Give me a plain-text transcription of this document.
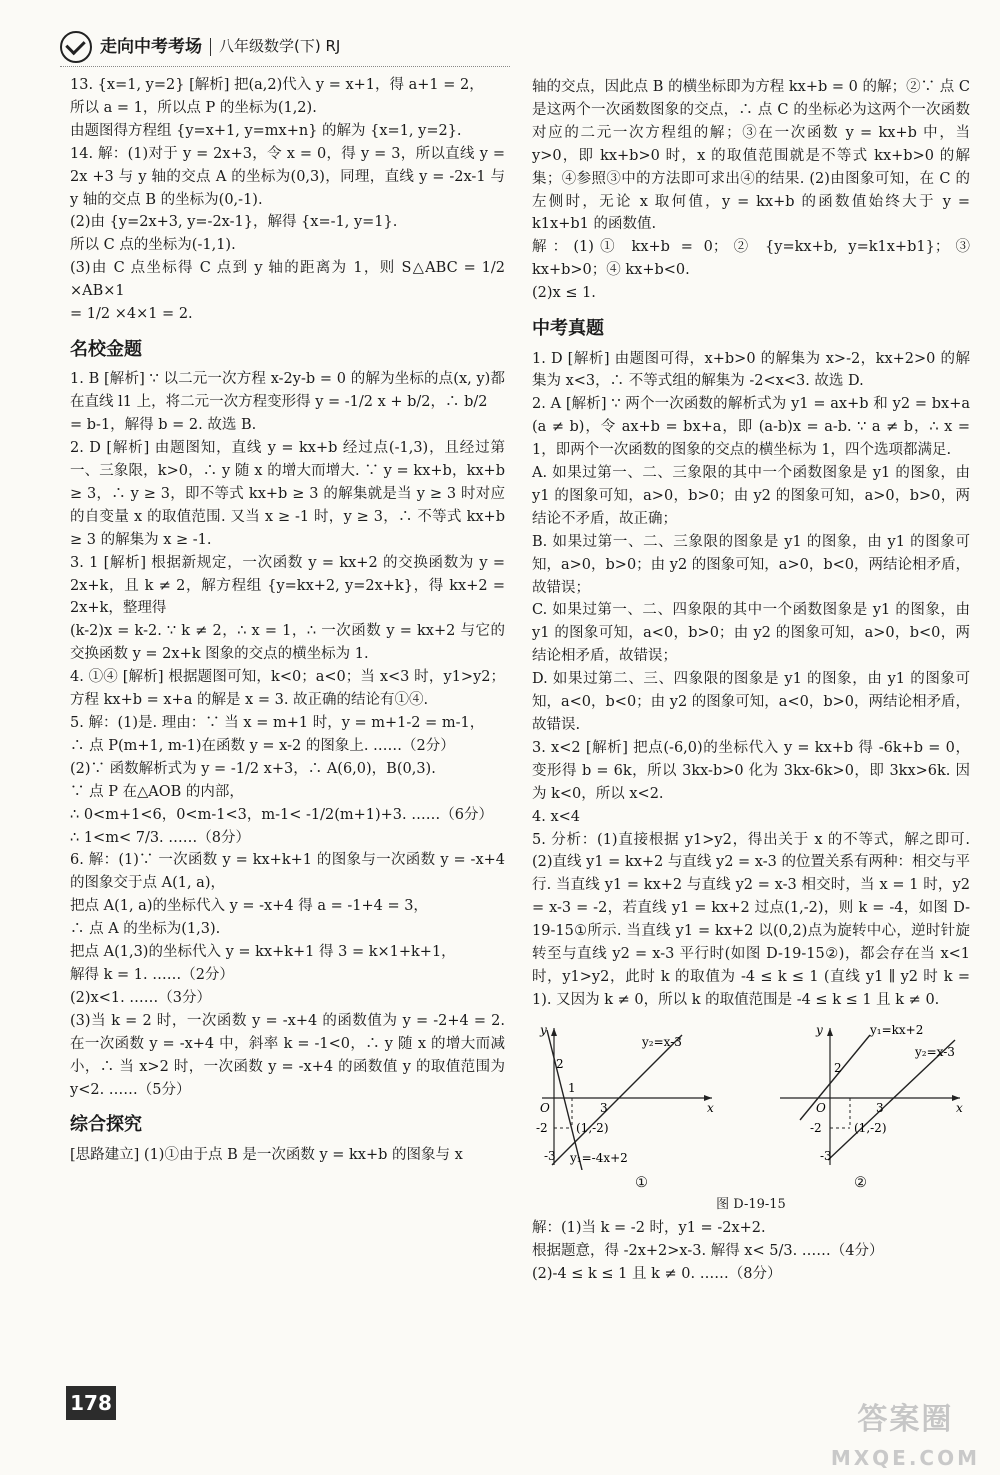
走向中考考场 八年级数学(下) RJ

13. {x=1, y=2} [解析] 把(a,2)代入 y = x+1，得 a+1 = 2，

所以 a = 1，所以点 P 的坐标为(1,2).

由题图得方程组 {y=x+1, y=mx+n} 的解为 {x=1, y=2}.

14. 解：(1)对于 y = 2x+3，令 x = 0，得 y = 3，所以直线 y = 2x +3 与 y 轴的交点 A 的坐标为(0,3)，同理，直线 y = -2x-1 与 y 轴的交点 B 的坐标为(0,-1).

(2)由 {y=2x+3, y=-2x-1}，解得 {x=-1, y=1}.

所以 C 点的坐标为(-1,1).

(3)由 C 点坐标得 C 点到 y 轴的距离为 1，则 S△ABC = 1/2 ×AB×1

= 1/2 ×4×1 = 2.

名校金题

1. B [解析] ∵ 以二元一次方程 x-2y-b = 0 的解为坐标的点(x, y)都在直线 l1 上，将二元一次方程变形得 y = -1/2 x + b/2，∴ b/2

= b-1，解得 b = 2. 故选 B.

2. D [解析] 由题图知，直线 y = kx+b 经过点(-1,3)，且经过第一、三象限，k>0，∴ y 随 x 的增大而增大. ∵ y = kx+b，kx+b ≥ 3，∴ y ≥ 3，即不等式 kx+b ≥ 3 的解集就是当 y ≥ 3 时对应的自变量 x 的取值范围. 又当 x ≥ -1 时，y ≥ 3，∴ 不等式 kx+b ≥ 3 的解集为 x ≥ -1.

3. 1 [解析] 根据新规定，一次函数 y = kx+2 的交换函数为 y = 2x+k，且 k ≠ 2，解方程组 {y=kx+2, y=2x+k}，得 kx+2 = 2x+k，整理得

(k-2)x = k-2. ∵ k ≠ 2，∴ x = 1，∴ 一次函数 y = kx+2 与它的交换函数 y = 2x+k 图象的交点的横坐标为 1.

4. ①④ [解析] 根据题图可知，k<0；a<0；当 x<3 时，y1>y2；方程 kx+b = x+a 的解是 x = 3. 故正确的结论有①④.

5. 解：(1)是. 理由：∵ 当 x = m+1 时，y = m+1-2 = m-1，

∴ 点 P(m+1, m-1)在函数 y = x-2 的图象上. ……（2分）

(2)∵ 函数解析式为 y = -1/2 x+3，∴ A(6,0)，B(0,3).

∵ 点 P 在△AOB 的内部，

∴ 0<m+1<6，0<m-1<3，m-1< -1/2(m+1)+3. ……（6分）

∴ 1<m< 7/3. ……（8分）

6. 解：(1)∵ 一次函数 y = kx+k+1 的图象与一次函数 y = -x+4 的图象交于点 A(1, a)，

把点 A(1, a)的坐标代入 y = -x+4 得 a = -1+4 = 3，

∴ 点 A 的坐标为(1,3).

把点 A(1,3)的坐标代入 y = kx+k+1 得 3 = k×1+k+1，

解得 k = 1. ……（2分）

(2)x<1. ……（3分）

(3)当 k = 2 时，一次函数 y = -x+4 的函数值为 y = -2+4 = 2. 在一次函数 y = -x+4 中，斜率 k = -1<0，∴ y 随 x 的增大而减小，∴ 当 x>2 时，一次函数 y = -x+4 的函数值 y 的取值范围为 y<2. ……（5分）

综合探究

[思路建立] (1)①由于点 B 是一次函数 y = kx+b 的图象与 x

轴的交点，因此点 B 的横坐标即为方程 kx+b = 0 的解；②∵ 点 C 是这两个一次函数图象的交点，∴ 点 C 的坐标必为这两个一次函数对应的二元一次方程组的解；③在一次函数 y = kx+b 中，当 y>0，即 kx+b>0 时，x 的取值范围就是不等式 kx+b>0 的解集；④参照③中的方法即可求出④的结果. (2)由图象可知，在 C 的左侧时，无论 x 取何值，y = kx+b 的函数值始终大于 y = k1x+b1 的函数值.

解：(1)① kx+b = 0；② {y=kx+b, y=k1x+b1}；③ kx+b>0；④ kx+b<0.

(2)x ≤ 1.

中考真题

1. D [解析] 由题图可得，x+b>0 的解集为 x>-2，kx+2>0 的解集为 x<3，∴ 不等式组的解集为 -2<x<3. 故选 D.

2. A [解析] ∵ 两个一次函数的解析式为 y1 = ax+b 和 y2 = bx+a (a ≠ b)，令 ax+b = bx+a，即 (a-b)x = a-b. ∵ a ≠ b，∴ x = 1，即两个一次函数的图象的交点的横坐标为 1，四个选项都满足.

A. 如果过第一、二、三象限的其中一个函数图象是 y1 的图象，由 y1 的图象可知，a>0，b>0；由 y2 的图象可知，a>0，b>0，两结论不矛盾，故正确；

B. 如果过第一、二、三象限的图象是 y1 的图象，由 y1 的图象可知，a>0，b>0；由 y2 的图象可知，a>0，b<0，两结论相矛盾，故错误；

C. 如果过第一、二、四象限的其中一个函数图象是 y1 的图象，由 y1 的图象可知，a<0，b>0；由 y2 的图象可知，a>0，b<0，两结论相矛盾，故错误；

D. 如果过第二、三、四象限的图象是 y1 的图象，由 y1 的图象可知，a<0，b<0；由 y2 的图象可知，a<0，b>0，两结论相矛盾，故错误.

3. x<2 [解析] 把点(-6,0)的坐标代入 y = kx+b 得 -6k+b = 0，变形得 b = 6k，所以 3kx-b>0 化为 3kx-6k>0，即 3kx>6k. 因为 k<0，所以 x<2.

4. x<4

5. 分析：(1)直接根据 y1>y2，得出关于 x 的不等式，解之即可. (2)直线 y1 = kx+2 与直线 y2 = x-3 的位置关系有两种：相交与平行. 当直线 y1 = kx+2 与直线 y2 = x-3 相交时，当 x = 1 时，y2 = x-3 = -2，若直线 y1 = kx+2 过点(1,-2)，则 k = -4，如图 D-19-15①所示. 当直线 y1 = kx+2 以(0,2)点为旋转中心，逆时针旋转至与直线 y2 = x-3 平行时(如图 D-19-15②)，都会存在当 x<1 时，y1>y2，此时 k 的取值为 -4 ≤ k ≤ 1 (直线 y1 ∥ y2 时 k = 1). 又因为 k ≠ 0，所以 k 的取值范围是 -4 ≤ k ≤ 1 且 k ≠ 0.

y₂=x-3
y₁=-4x+2
x
y
O
2
1
3
-2
-3
(1,-2)
y₁=kx+2
y₂=x-3
x
y
O
2
3
-2
-3
(1,-2)
①	②

图 D-19-15

解：(1)当 k = -2 时，y1 = -2x+2.

根据题意，得 -2x+2>x-3. 解得 x< 5/3. ……（4分）

(2)-4 ≤ k ≤ 1 且 k ≠ 0. ……（8分）

178	答案圈
MXQE.COM
